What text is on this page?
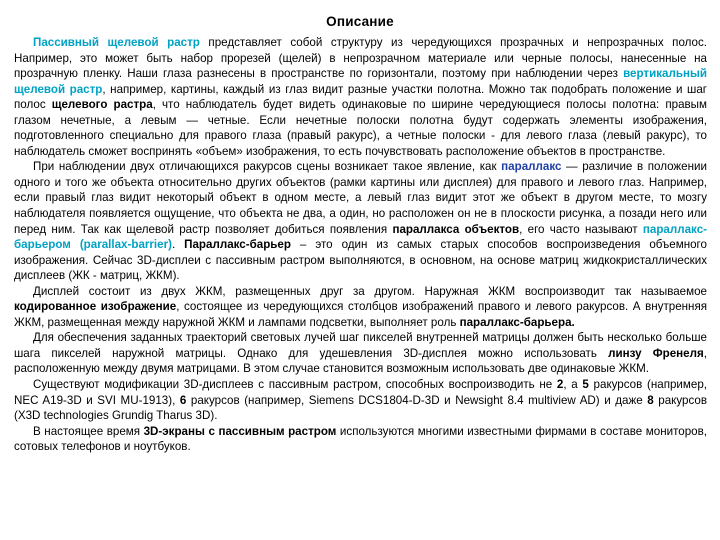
Описание

Пассивный щелевой растр представляет собой структуру из чередующихся прозрачных и непрозрачных полос. Например, это может быть набор прорезей (щелей) в непрозрачном материале или черные полосы, нанесенные на прозрачную пленку. Наши глаза разнесены в пространстве по горизонтали, поэтому при наблюдении через вертикальный щелевой растр, например, картины, каждый из глаз видит разные участки полотна. Можно так подобрать положение и шаг полос щелевого растра, что наблюдатель будет видеть одинаковые по ширине чередующиеся полосы полотна: правым глазом нечетные, а левым — четные. Если нечетные полоски полотна будут содержать элементы изображения, подготовленного специально для правого глаза (правый ракурс), а четные полоски - для левого глаза (левый ракурс), то наблюдатель сможет воспринять «объем» изображения, то есть почувствовать расположение объектов в пространстве.

При наблюдении двух отличающихся ракурсов сцены возникает такое явление, как параллакс — различие в положении одного и того же объекта относительно других объектов (рамки картины или дисплея) для правого и левого глаз. Например, если правый глаз видит некоторый объект в одном месте, а левый глаз видит этот же объект в другом месте, то мозгу наблюдателя появляется ощущение, что объекта не два, а один, но расположен он не в плоскости рисунка, а позади него или перед ним. Так как щелевой растр позволяет добиться появления параллакса объектов, его часто называют параллакс-барьером (parallax-barrier). Параллакс-барьер – это один из самых старых способов воспроизведения объемного изображения. Сейчас 3D-дисплеи с пассивным растром выполняются, в основном, на основе матриц жидкокристаллических дисплеев (ЖК - матриц, ЖКМ).

Дисплей состоит из двух ЖКМ, размещенных друг за другом. Наружная ЖКМ воспроизводит так называемое кодированное изображение, состоящее из чередующихся столбцов изображений правого и левого ракурсов. А внутренняя ЖКМ, размещенная между наружной ЖКМ и лампами подсветки, выполняет роль параллакс-барьера.

Для обеспечения заданных траекторий световых лучей шаг пикселей внутренней матрицы должен быть несколько больше шага пикселей наружной матрицы. Однако для удешевления 3D-дисплея можно использовать линзу Френеля, расположенную между двумя матрицами. В этом случае становится возможным использовать две одинаковые ЖКМ.

Существуют модификации 3D-дисплеев с пассивным растром, способных воспроизводить не 2, а 5 ракурсов (например, NEC A19-3D и SVI MU-1913), 6 ракурсов (например, Siemens DCS1804-D-3D и Newsight 8.4 multiview AD) и даже 8 ракурсов (X3D technologies Grundig Tharus 3D).

В настоящее время 3D-экраны с пассивным растром используются многими известными фирмами в составе мониторов, сотовых телефонов и ноутбуков.
